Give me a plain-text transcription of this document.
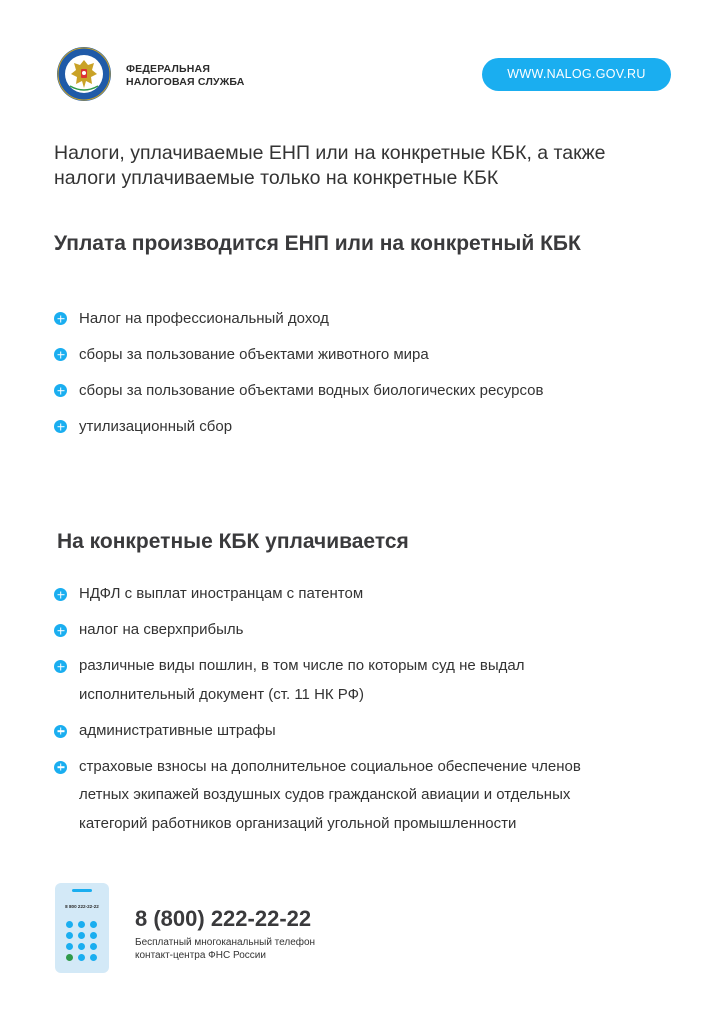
ФЕДЕРАЛЬНАЯ
НАЛОГОВАЯ СЛУЖБА
WWW.NALOG.GOV.RU
Налоги, уплачиваемые ЕНП или на конкретные КБК, а также
налоги уплачиваемые только на конкретные КБК
Уплата производится ЕНП или на конкретный КБК
Налог на профессиональный доход
сборы за пользование объектами животного мира
сборы за пользование объектами водных биологических ресурсов
утилизационный сбор
На конкретные КБК уплачивается
НДФЛ с выплат иностранцам с патентом
налог на сверхприбыль
различные виды пошлин, в том числе по которым суд не выдал
исполнительный документ (ст. 11 НК РФ)
административные штрафы
страховые взносы на дополнительное социальное обеспечение членов
летных экипажей воздушных судов гражданской авиации и отдельных
категорий работников организаций угольной промышленности
8 800 222-22-22	8 (800) 222-22-22
Бесплатный многоканальный телефон
контакт-центра ФНС России
